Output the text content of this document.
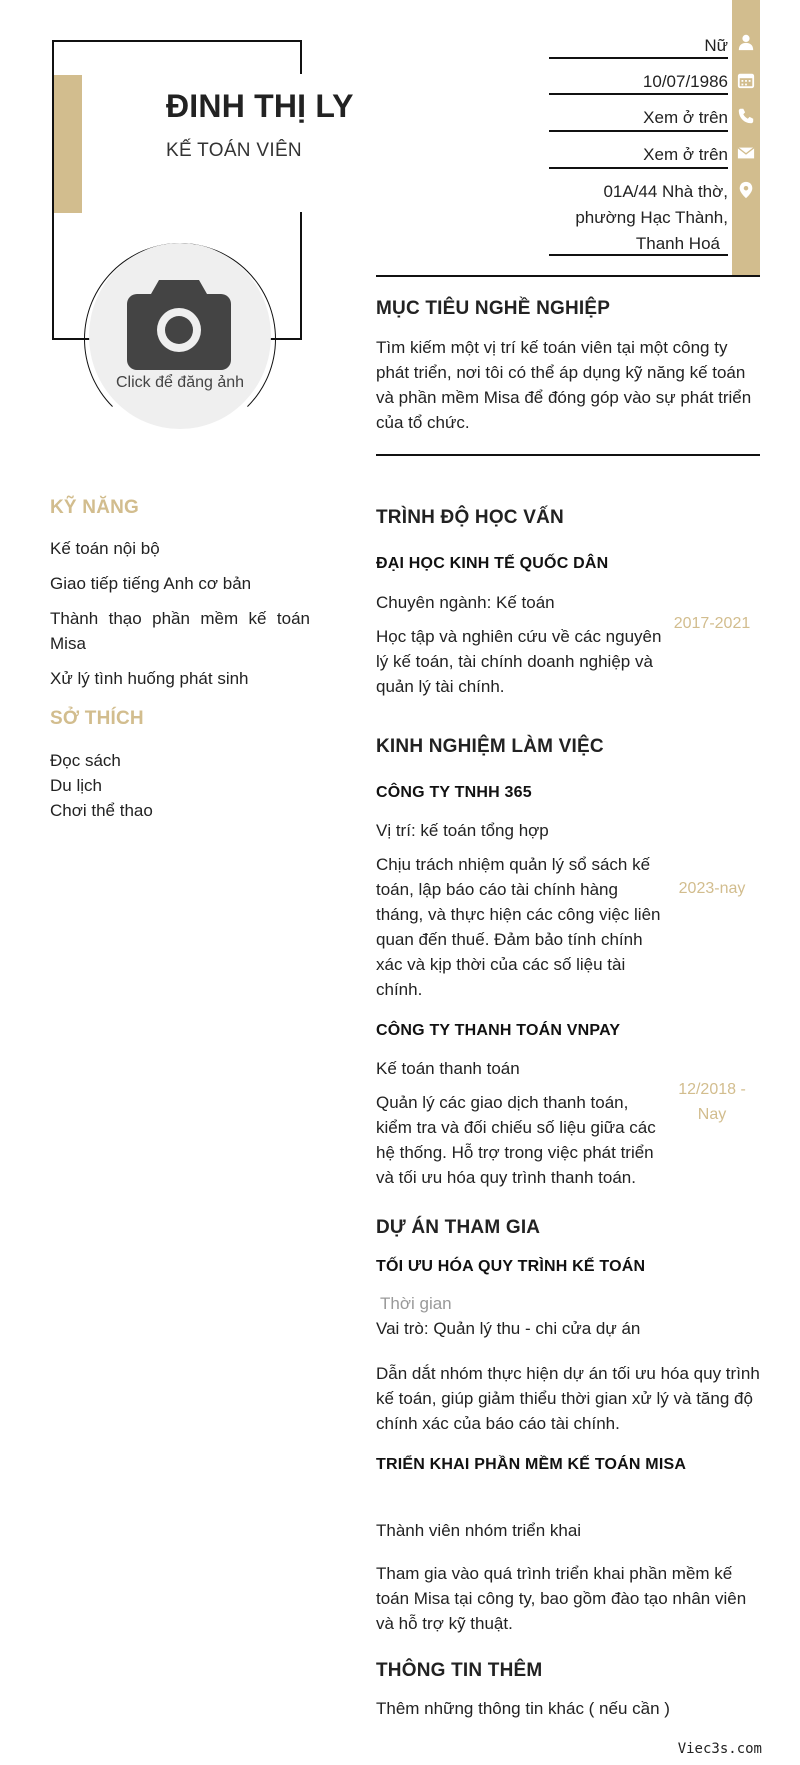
ĐINH THỊ LY
KẾ TOÁN VIÊN
Click để đăng ảnh
Nữ
10/07/1986
Xem ở trên
Xem ở trên
01A/44 Nhà thờ,
phường Hạc Thành,
Thanh Hoá
MỤC TIÊU NGHỀ NGHIỆP
Tìm kiếm một vị trí kế toán viên tại một công ty
phát triển, nơi tôi có thể áp dụng kỹ năng kế toán
và phần mềm Misa để đóng góp vào sự phát triển
của tổ chức.
KỸ NĂNG
Kế toán nội bộ
Giao tiếp tiếng Anh cơ bản
Thành thạo phần mềm kế toán
Misa
Xử lý tình huống phát sinh
SỞ THÍCH
Đọc sách
Du lịch
Chơi thể thao
TRÌNH ĐỘ HỌC VẤN
ĐẠI HỌC KINH TẾ QUỐC DÂN
Chuyên ngành: Kế toán
Học tập và nghiên cứu về các nguyên
lý kế toán, tài chính doanh nghiệp và
quản lý tài chính.
2017-2021
KINH NGHIỆM LÀM VIỆC
CÔNG TY TNHH 365
Vị trí: kế toán tổng hợp
Chịu trách nhiệm quản lý sổ sách kế
toán, lập báo cáo tài chính hàng
tháng, và thực hiện các công việc liên
quan đến thuế. Đảm bảo tính chính
xác và kịp thời của các số liệu tài
chính.
2023-nay
CÔNG TY THANH TOÁN VNPAY
Kế toán thanh toán
Quản lý các giao dịch thanh toán,
kiểm tra và đối chiếu số liệu giữa các
hệ thống. Hỗ trợ trong việc phát triển
và tối ưu hóa quy trình thanh toán.
12/2018 -
Nay
DỰ ÁN THAM GIA
TỐI ƯU HÓA QUY TRÌNH KẾ TOÁN
Thời gian
Vai trò: Quản lý thu - chi cửa dự án
Dẫn dắt nhóm thực hiện dự án tối ưu hóa quy trình
kế toán, giúp giảm thiểu thời gian xử lý và tăng độ
chính xác của báo cáo tài chính.
TRIỂN KHAI PHẦN MỀM KẾ TOÁN MISA
Thành viên nhóm triển khai
Tham gia vào quá trình triển khai phần mềm kế
toán Misa tại công ty, bao gồm đào tạo nhân viên
và hỗ trợ kỹ thuật.
THÔNG TIN THÊM
Thêm những thông tin khác ( nếu cần )
Viec3s.com
